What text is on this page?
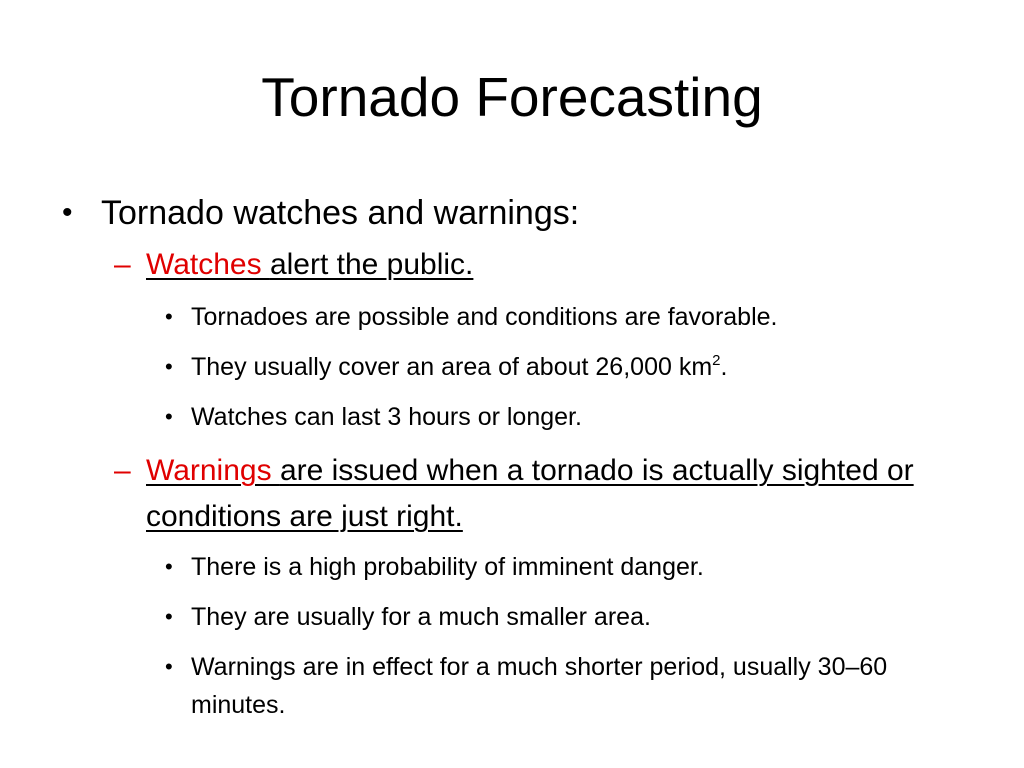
Tornado Forecasting
• Tornado watches and warnings:
– Watches alert the public.
• Tornadoes are possible and conditions are favorable.
• They usually cover an area of about 26,000 $km^2$.
• Watches can last 3 hours or longer.
– Warnings are issued when a tornado is actually sighted or conditions are just right.
• There is a high probability of imminent danger.
• They are usually for a much smaller area.
• Warnings are in effect for a much shorter period, usually 30–60 minutes.
